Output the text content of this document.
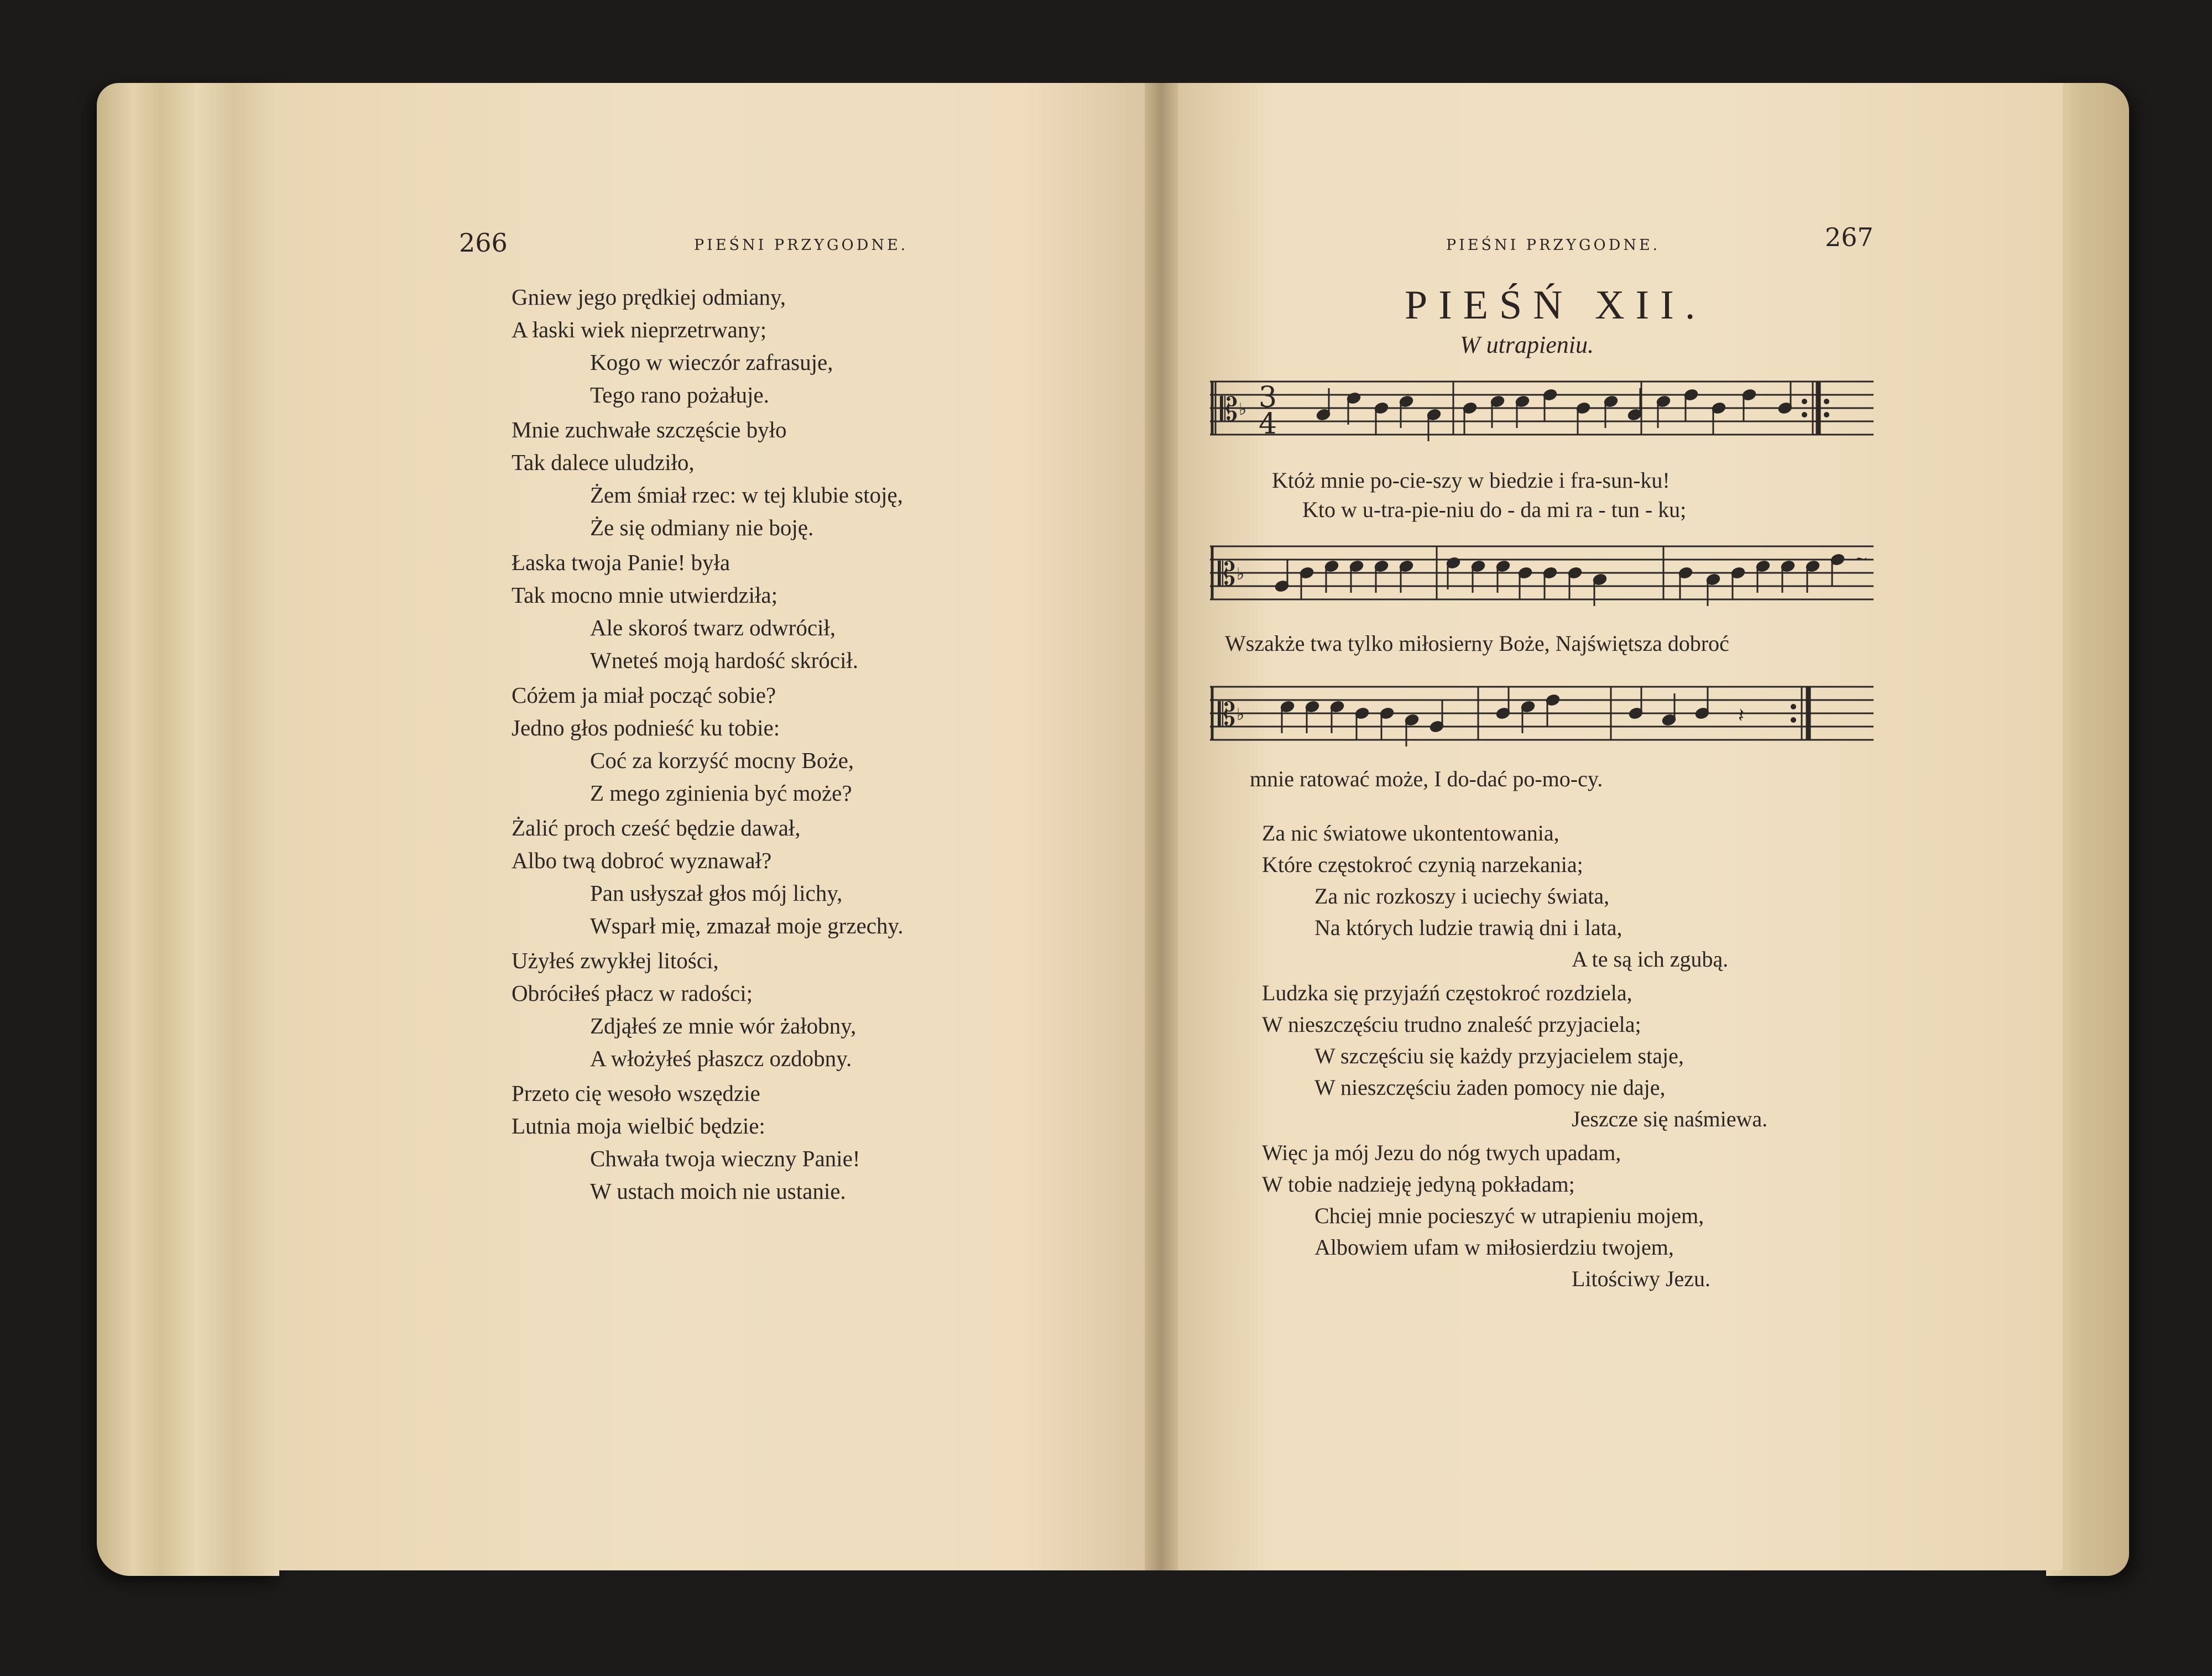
266	PIEŚNI PRZYGODNE.
Gniew jego prędkiej odmiany,
A łaski wiek nieprzetrwany;
Kogo w wieczór zafrasuje,
Tego rano pożałuje.
Mnie zuchwałe szczęście było
Tak dalece uludziło,
Żem śmiał rzec: w tej klubie stoję,
Że się odmiany nie boję.
Łaska twoja Panie! była
Tak mocno mnie utwierdziła;
Ale skoroś twarz odwrócił,
Wneteś moją hardość skrócił.
Cóżem ja miał począć sobie?
Jedno głos podnieść ku tobie:
Coć za korzyść mocny Boże,
Z mego zginienia być może?
Żalić proch cześć będzie dawał,
Albo twą dobroć wyznawał?
Pan usłyszał głos mój lichy,
Wsparł mię, zmazał moje grzechy.
Użyłeś zwykłej litości,
Obróciłeś płacz w radości;
Zdjąłeś ze mnie wór żałobny,
A włożyłeś płaszcz ozdobny.
Przeto cię wesoło wszędzie
Lutnia moja wielbić będzie:
Chwała twoja wieczny Panie!
W ustach moich nie ustanie.
PIEŚNI PRZYGODNE.	267
PIEŚŃ XII.
W utrapieniu.
𝄡 ♭ 3
4
Któż mnie po-cie-szy w biedzie i fra-sun-ku!
Kto w u-tra-pie-niu do - da mi ra - tun - ku;
𝄡 ♭
~
Wszakże twa tylko miłosierny Boże, Najświętsza dobroć
𝄡 ♭	𝄽
mnie ratować może, I do-dać po-mo-cy.
Za nic światowe ukontentowania,
Które częstokroć czynią narzekania;
Za nic rozkoszy i uciechy świata,
Na których ludzie trawią dni i lata,
A te są ich zgubą.
Ludzka się przyjaźń częstokroć rozdziela,
W nieszczęściu trudno znaleść przyjaciela;
W szczęściu się każdy przyjacielem staje,
W nieszczęściu żaden pomocy nie daje,
Jeszcze się naśmiewa.
Więc ja mój Jezu do nóg twych upadam,
W tobie nadzieję jedyną pokładam;
Chciej mnie pocieszyć w utrapieniu mojem,
Albowiem ufam w miłosierdziu twojem,
Litościwy Jezu.
